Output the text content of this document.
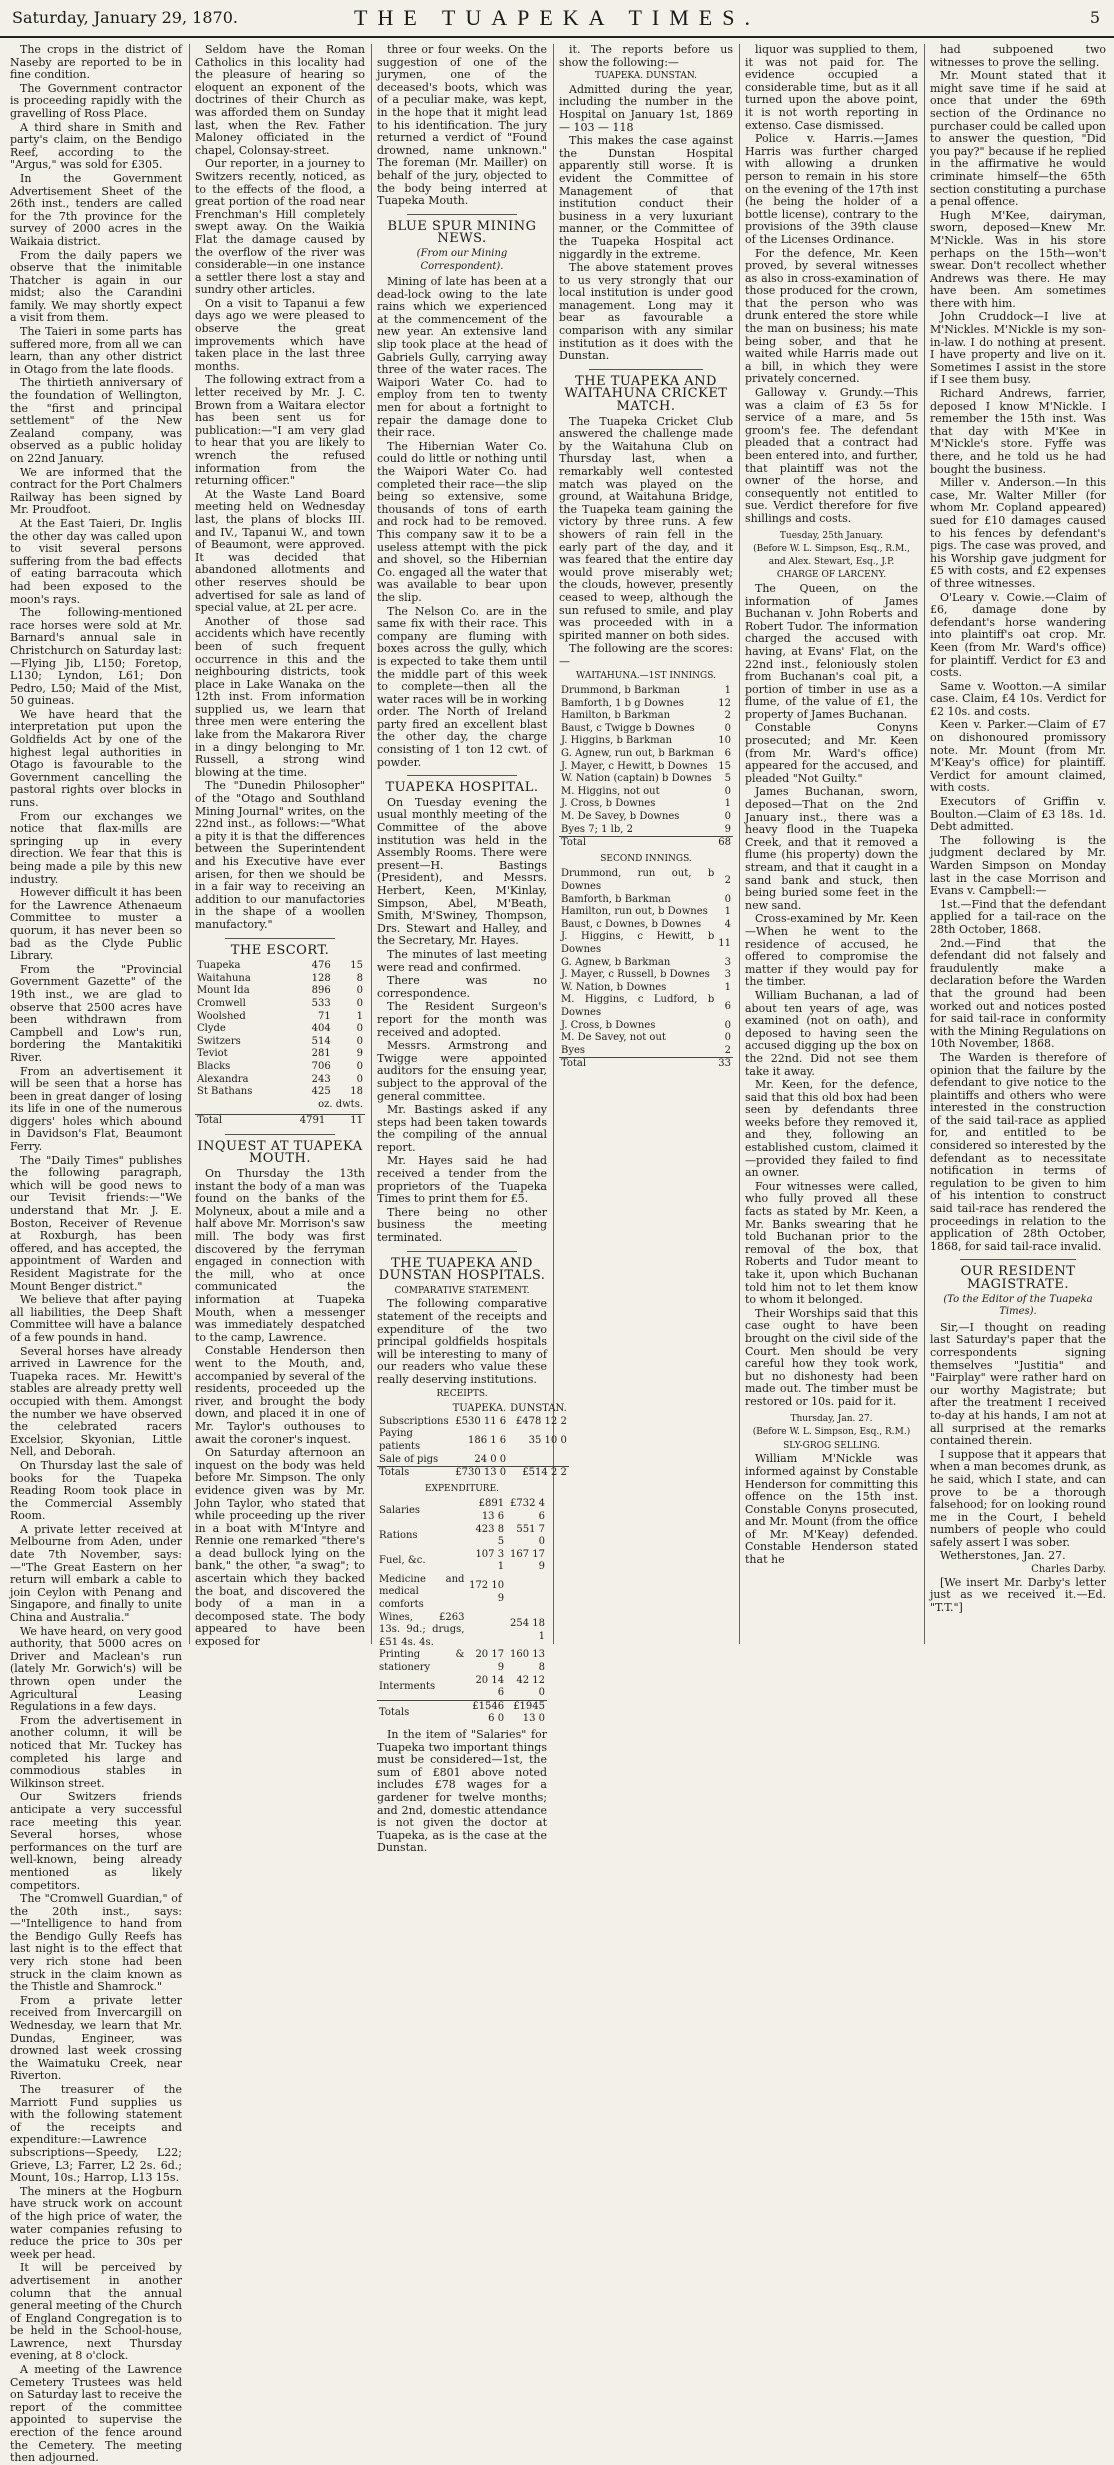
Saturday, January 29, 1870.	THE TUAPEKA TIMES.	5

The crops in the district of Naseby are reported to be in fine condition.

The Government contractor is proceeding rapidly with the gravelling of Ross Place.

A third share in Smith and party's claim, on the Bendigo Reef, according to the "Argus," was sold for £305.

In the Government Advertisement Sheet of the 26th inst., tenders are called for the 7th province for the survey of 2000 acres in the Waikaia district.

From the daily papers we observe that the inimitable Thatcher is again in our midst; also the Carandini family. We may shortly expect a visit from them.

The Taieri in some parts has suffered more, from all we can learn, than any other district in Otago from the late floods.

The thirtieth anniversary of the foundation of Wellington, the "first and principal settlement" of the New Zealand company, was observed as a public holiday on 22nd January.

We are informed that the contract for the Port Chalmers Railway has been signed by Mr. Proudfoot.

At the East Taieri, Dr. Inglis the other day was called upon to visit several persons suffering from the bad effects of eating barracouta which had been exposed to the moon's rays.

The following-mentioned race horses were sold at Mr. Barnard's annual sale in Christchurch on Saturday last:—Flying Jib, L150; Foretop, L130; Lyndon, L61; Don Pedro, L50; Maid of the Mist, 50 guineas.

We have heard that the interpretation put upon the Goldfields Act by one of the highest legal authorities in Otago is favourable to the Government cancelling the pastoral rights over blocks in runs.

From our exchanges we notice that flax-mills are springing up in every direction. We fear that this is being made a pile by this new industry.

However difficult it has been for the Lawrence Athenaeum Committee to muster a quorum, it has never been so bad as the Clyde Public Library.

From the "Provincial Government Gazette" of the 19th inst., we are glad to observe that 2500 acres have been withdrawn from Campbell and Low's run, bordering the Mantakitiki River.

From an advertisement it will be seen that a horse has been in great danger of losing its life in one of the numerous diggers' holes which abound in Davidson's Flat, Beaumont Ferry.

The "Daily Times" publishes the following paragraph, which will be good news to our Tevisit friends:—"We understand that Mr. J. E. Boston, Receiver of Revenue at Roxburgh, has been offered, and has accepted, the appointment of Warden and Resident Magistrate for the Mount Benger district."

We believe that after paying all liabilities, the Deep Shaft Committee will have a balance of a few pounds in hand.

Several horses have already arrived in Lawrence for the Tuapeka races. Mr. Hewitt's stables are already pretty well occupied with them. Amongst the number we have observed the celebrated racers Excelsior, Skyonian, Little Nell, and Deborah.

On Thursday last the sale of books for the Tuapeka Reading Room took place in the Commercial Assembly Room.

A private letter received at Melbourne from Aden, under date 7th November, says:—"The Great Eastern on her return will embark a cable to join Ceylon with Penang and Singapore, and finally to unite China and Australia."

We have heard, on very good authority, that 5000 acres on Driver and Maclean's run (lately Mr. Gorwich's) will be thrown open under the Agricultural Leasing Regulations in a few days.

From the advertisement in another column, it will be noticed that Mr. Tuckey has completed his large and commodious stables in Wilkinson street.

Our Switzers friends anticipate a very successful race meeting this year. Several horses, whose performances on the turf are well-known, being already mentioned as likely competitors.

The "Cromwell Guardian," of the 20th inst., says:—"Intelligence to hand from the Bendigo Gully Reefs has last night is to the effect that very rich stone had been struck in the claim known as the Thistle and Shamrock."

From a private letter received from Invercargill on Wednesday, we learn that Mr. Dundas, Engineer, was drowned last week crossing the Waimatuku Creek, near Riverton.

The treasurer of the Marriott Fund supplies us with the following statement of the receipts and expenditure:—Lawrence subscriptions—Speedy, L22; Grieve, L3; Farrer, L2 2s. 6d.; Mount, 10s.; Harrop, L13 15s.

The miners at the Hogburn have struck work on account of the high price of water, the water companies refusing to reduce the price to 30s per week per head.

It will be perceived by advertisement in another column that the annual general meeting of the Church of England Congregation is to be held in the School-house, Lawrence, next Thursday evening, at 8 o'clock.

A meeting of the Lawrence Cemetery Trustees was held on Saturday last to receive the report of the committee appointed to supervise the erection of the fence around the Cemetery. The meeting then adjourned.

Seldom have the Roman Catholics in this locality had the pleasure of hearing so eloquent an exponent of the doctrines of their Church as was afforded them on Sunday last, when the Rev. Father Maloney officiated in the chapel, Colonsay-street.

Our reporter, in a journey to Switzers recently, noticed, as to the effects of the flood, a great portion of the road near Frenchman's Hill completely swept away. On the Waikia Flat the damage caused by the overflow of the river was considerable—in one instance a settler there lost a stay and sundry other articles.

On a visit to Tapanui a few days ago we were pleased to observe the great improvements which have taken place in the last three months.

The following extract from a letter received by Mr. J. C. Brown from a Waitara elector has been sent us for publication:—"I am very glad to hear that you are likely to wrench the refused information from the returning officer."

At the Waste Land Board meeting held on Wednesday last, the plans of blocks III. and IV., Tapanui W., and town of Beaumont, were approved. It was decided that abandoned allotments and other reserves should be advertised for sale as land of special value, at 2L per acre.

Another of those sad accidents which have recently been of such frequent occurrence in this and the neighbouring districts, took place in Lake Wanaka on the 12th inst. From information supplied us, we learn that three men were entering the lake from the Makarora River in a dingy belonging to Mr. Russell, a strong wind blowing at the time.

The "Dunedin Philosopher" of the "Otago and Southland Mining Journal" writes, on the 22nd inst., as follows:—"What a pity it is that the differences between the Superintendent and his Executive have ever arisen, for then we should be in a fair way to receiving an addition to our manufactories in the shape of a woollen manufactory."

THE ESCORT.
Tuapeka	476	15
Waitahuna	128	8
Mount Ida	896	0
Cromwell	533	0
Woolshed	71	1
Clyde	404	0
Switzers	514	0
Teviot	281	9
Blacks	706	0
Alexandra	243	0
St Bathans	425	18
	oz. dwts.	
Total	4791	11
INQUEST AT TUAPEKA MOUTH.

On Thursday the 13th instant the body of a man was found on the banks of the Molyneux, about a mile and a half above Mr. Morrison's saw mill. The body was first discovered by the ferryman engaged in connection with the mill, who at once communicated the information at Tuapeka Mouth, when a messenger was immediately despatched to the camp, Lawrence.

Constable Henderson then went to the Mouth, and, accompanied by several of the residents, proceeded up the river, and brought the body down, and placed it in one of Mr. Taylor's outhouses to await the coroner's inquest.

On Saturday afternoon an inquest on the body was held before Mr. Simpson. The only evidence given was by Mr. John Taylor, who stated that while proceeding up the river in a boat with M'Intyre and Rennie one remarked "there's a dead bullock lying on the bank," the other, "a swag"; to ascertain which they backed the boat, and discovered the body of a man in a decomposed state. The body appeared to have been exposed for

three or four weeks. On the suggestion of one of the jurymen, one of the deceased's boots, which was of a peculiar make, was kept, in the hope that it might lead to his identification. The jury returned a verdict of "Found drowned, name unknown." The foreman (Mr. Mailler) on behalf of the jury, objected to the body being interred at Tuapeka Mouth.

BLUE SPUR MINING NEWS.
(From our Mining Correspondent).

Mining of late has been at a dead-lock owing to the late rains which we experienced at the commencement of the new year. An extensive land slip took place at the head of Gabriels Gully, carrying away three of the water races. The Waipori Water Co. had to employ from ten to twenty men for about a fortnight to repair the damage done to their race.

The Hibernian Water Co. could do little or nothing until the Waipori Water Co. had completed their race—the slip being so extensive, some thousands of tons of earth and rock had to be removed. This company saw it to be a useless attempt with the pick and shovel, so the Hibernian Co. engaged all the water that was available to bear upon the slip.

The Nelson Co. are in the same fix with their race. This company are fluming with boxes across the gully, which is expected to take them until the middle part of this week to complete—then all the water races will be in working order. The North of Ireland party fired an excellent blast the other day, the charge consisting of 1 ton 12 cwt. of powder.

TUAPEKA HOSPITAL.

On Tuesday evening the usual monthly meeting of the Committee of the above institution was held in the Assembly Rooms. There were present—H. Bastings (President), and Messrs. Herbert, Keen, M'Kinlay, Simpson, Abel, M'Beath, Smith, M'Swiney, Thompson, Drs. Stewart and Halley, and the Secretary, Mr. Hayes.

The minutes of last meeting were read and confirmed.

There was no correspondence.

The Resident Surgeon's report for the month was received and adopted.

Messrs. Armstrong and Twigge were appointed auditors for the ensuing year, subject to the approval of the general committee.

Mr. Bastings asked if any steps had been taken towards the compiling of the annual report.

Mr. Hayes said he had received a tender from the proprietors of the Tuapeka Times to print them for £5.

There being no other business the meeting terminated.

THE TUAPEKA AND DUNSTAN HOSPITALS.
COMPARATIVE STATEMENT.

The following comparative statement of the receipts and expenditure of the two principal goldfields hospitals will be interesting to many of our readers who value these really deserving institutions.

RECEIPTS.
	TUAPEKA.	DUNSTAN.
Subscriptions	£530 11 6	£478 12 2
Paying patients	186 1 6	35 10 0
Sale of pigs	24 0 0	
Totals	£730 13 0	£514 2 2
EXPENDITURE.
Salaries	£891 13 6	£732 4 6
Rations	423 8 5	551 7 0
Fuel, &c.	107 3 1	167 17 9
Medicine and medical comforts	172 10 9	
Wines, £263 13s. 9d.; drugs, £51 4s. 4s.		254 18 1
Printing & stationery	20 17 9	160 13 8
Interments	20 14 6	42 12 0
Totals	£1546 6 0	£1945 13 0

In the item of "Salaries" for Tuapeka two important things must be considered—1st, the sum of £801 above noted includes £78 wages for a gardener for twelve months; and 2nd, domestic attendance is not given the doctor at Tuapeka, as is the case at the Dunstan.

it. The reports before us show the following:—

TUAPEKA. DUNSTAN.

Admitted during the year, including the number in the Hospital on January 1st, 1869 — 103 — 118

This makes the case against the Dunstan Hospital apparently still worse. It is evident the Committee of Management of that institution conduct their business in a very luxuriant manner, or the Committee of the Tuapeka Hospital act niggardly in the extreme.

The above statement proves to us very strongly that our local institution is under good management. Long may it bear as favourable a comparison with any similar institution as it does with the Dunstan.

THE TUAPEKA AND WAITAHUNA CRICKET MATCH.

The Tuapeka Cricket Club answered the challenge made by the Waitahuna Club on Thursday last, when a remarkably well contested match was played on the ground, at Waitahuna Bridge, the Tuapeka team gaining the victory by three runs. A few showers of rain fell in the early part of the day, and it was feared that the entire day would prove miserably wet; the clouds, however, presently ceased to weep, although the sun refused to smile, and play was proceeded with in a spirited manner on both sides.

The following are the scores:—

WAITAHUNA.—1ST INNINGS.
Drummond, b Barkman	1
Bamforth, 1 b g Downes	12
Hamilton, b Barkman	2
Baust, c Twigge b Downes	0
J. Higgins, b Barkman	10
G. Agnew, run out, b Barkman	6
J. Mayer, c Hewitt, b Downes	15
W. Nation (captain) b Downes	5
M. Higgins, not out	0
J. Cross, b Downes	1
M. De Savey, b Downes	0
Byes 7; 1 lb, 2	9
Total	68
SECOND INNINGS.
Drummond, run out, b Downes	2
Bamforth, b Barkman	0
Hamilton, run out, b Downes	1
Baust, c Downes, b Downes	4
J. Higgins, c Hewitt, b Downes	11
G. Agnew, b Barkman	3
J. Mayer, c Russell, b Downes	3
W. Nation, b Downes	1
M. Higgins, c Ludford, b Downes	6
J. Cross, b Downes	0
M. De Savey, not out	0
Byes	2
Total	33

liquor was supplied to them, it was not paid for. The evidence occupied a considerable time, but as it all turned upon the above point, it is not worth reporting in extenso. Case dismissed.

Police v. Harris.—James Harris was further charged with allowing a drunken person to remain in his store on the evening of the 17th inst (he being the holder of a bottle license), contrary to the provisions of the 39th clause of the Licenses Ordinance.

For the defence, Mr. Keen proved, by several witnesses as also in cross-examination of those produced for the crown, that the person who was drunk entered the store while the man on business; his mate being sober, and that he waited while Harris made out a bill, in which they were privately concerned.

Galloway v. Grundy.—This was a claim of £3 5s for service of a mare, and 5s groom's fee. The defendant pleaded that a contract had been entered into, and further, that plaintiff was not the owner of the horse, and consequently not entitled to sue. Verdict therefore for five shillings and costs.

Tuesday, 25th January.
(Before W. L. Simpson, Esq., R.M., and Alex. Stewart, Esq., J.P.
CHARGE OF LARCENY.

The Queen, on the information of James Buchanan v. John Roberts and Robert Tudor. The information charged the accused with having, at Evans' Flat, on the 22nd inst., feloniously stolen from Buchanan's coal pit, a portion of timber in use as a flume, of the value of £1, the property of James Buchanan.

Constable Conyns prosecuted; and Mr. Keen (from Mr. Ward's office) appeared for the accused, and pleaded "Not Guilty."

James Buchanan, sworn, deposed—That on the 2nd January inst., there was a heavy flood in the Tuapeka Creek, and that it removed a flume (his property) down the stream, and that it caught in a sand bank and stuck, then being buried some feet in the new sand.

Cross-examined by Mr. Keen—When he went to the residence of accused, he offered to compromise the matter if they would pay for the timber.

William Buchanan, a lad of about ten years of age, was examined (not on oath), and deposed to having seen the accused digging up the box on the 22nd. Did not see them take it away.

Mr. Keen, for the defence, said that this old box had been seen by defendants three weeks before they removed it, and they, following an established custom, claimed it—provided they failed to find an owner.

Four witnesses were called, who fully proved all these facts as stated by Mr. Keen, a Mr. Banks swearing that he told Buchanan prior to the removal of the box, that Roberts and Tudor meant to take it, upon which Buchanan told him not to let them know to whom it belonged.

Their Worships said that this case ought to have been brought on the civil side of the Court. Men should be very careful how they took work, but no dishonesty had been made out. The timber must be restored or 10s. paid for it.

Thursday, Jan. 27.
(Before W. L. Simpson, Esq., R.M.)
SLY-GROG SELLING.

William M'Nickle was informed against by Constable Henderson for committing this offence on the 15th inst. Constable Conyns prosecuted, and Mr. Mount (from the office of Mr. M'Keay) defended. Constable Henderson stated that he

had subpoened two witnesses to prove the selling.

Mr. Mount stated that it might save time if he said at once that under the 69th section of the Ordinance no purchaser could be called upon to answer the question, "Did you pay?" because if he replied in the affirmative he would criminate himself—the 65th section constituting a purchase a penal offence.

Hugh M'Kee, dairyman, sworn, deposed—Knew Mr. M'Nickle. Was in his store perhaps on the 15th—won't swear. Don't recollect whether Andrews was there. He may have been. Am sometimes there with him.

John Cruddock—I live at M'Nickles. M'Nickle is my son-in-law. I do nothing at present. I have property and live on it. Sometimes I assist in the store if I see them busy.

Richard Andrews, farrier, deposed I know M'Nickle. I remember the 15th inst. Was that day with M'Kee in M'Nickle's store. Fyffe was there, and he told us he had bought the business.

Miller v. Anderson.—In this case, Mr. Walter Miller (for whom Mr. Copland appeared) sued for £10 damages caused to his fences by defendant's pigs. The case was proved, and his Worship gave judgment for £5 with costs, and £2 expenses of three witnesses.

O'Leary v. Cowie.—Claim of £6, damage done by defendant's horse wandering into plaintiff's oat crop. Mr. Keen (from Mr. Ward's office) for plaintiff. Verdict for £3 and costs.

Same v. Wootton.—A similar case. Claim, £4 10s. Verdict for £2 10s. and costs.

Keen v. Parker.—Claim of £7 on dishonoured promissory note. Mr. Mount (from Mr. M'Keay's office) for plaintiff. Verdict for amount claimed, with costs.

Executors of Griffin v. Boulton.—Claim of £3 18s. 1d. Debt admitted.

The following is the judgment declared by Mr. Warden Simpson on Monday last in the case Morrison and Evans v. Campbell:—

1st.—Find that the defendant applied for a tail-race on the 28th October, 1868.

2nd.—Find that the defendant did not falsely and fraudulently make a declaration before the Warden that the ground had been worked out and notices posted for said tail-race in conformity with the Mining Regulations on 10th November, 1868.

The Warden is therefore of opinion that the failure by the defendant to give notice to the plaintiffs and others who were interested in the construction of the said tail-race as applied for, and entitled to be considered so interested by the defendant as to necessitate notification in terms of regulation to be given to him of his intention to construct said tail-race has rendered the proceedings in relation to the application of 28th October, 1868, for said tail-race invalid.

OUR RESIDENT MAGISTRATE.
(To the Editor of the Tuapeka Times).

Sir,—I thought on reading last Saturday's paper that the correspondents signing themselves "Justitia" and "Fairplay" were rather hard on our worthy Magistrate; but after the treatment I received to-day at his hands, I am not at all surprised at the remarks contained therein.

I suppose that it appears that when a man becomes drunk, as he said, which I state, and can prove to be a thorough falsehood; for on looking round me in the Court, I beheld numbers of people who could safely assert I was sober.

Wetherstones, Jan. 27.

Charles Darby.

[We insert Mr. Darby's letter just as we received it.—Ed. "T.T."]
